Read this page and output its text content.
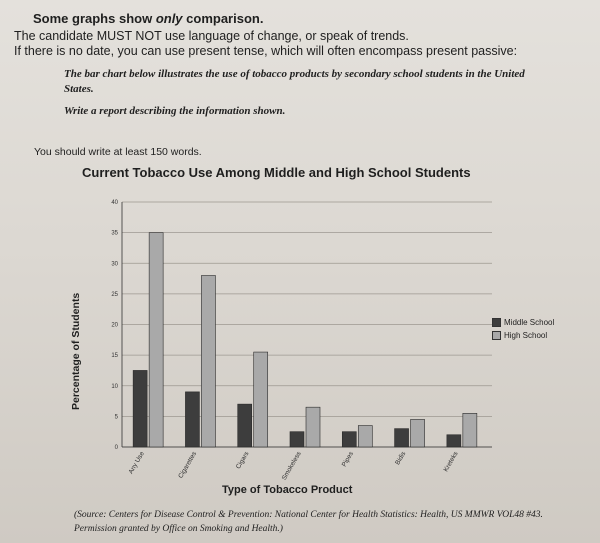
Some graphs show only comparison.
The candidate MUST NOT use language of change, or speak of trends.
If there is no date, you can use present tense, which will often encompass present passive:
The bar chart below illustrates the use of tobacco products by secondary school students in the United States.
Write a report describing the information shown.
You should write at least 150 words.
Current Tobacco Use Among Middle and High School Students
Percentage of Students
Type of Tobacco Product
0
5
10
15
20
25
30
35
40
Any Use	Cigarettes	Cigars	Smokeless	Pipes	Bidis	Kreteks
Middle School
High School
(Source: Centers for Disease Control & Prevention: National Center for Health Statistics: Health, US MMWR VOL48 #43. Permission granted by Office on Smoking and Health.)
